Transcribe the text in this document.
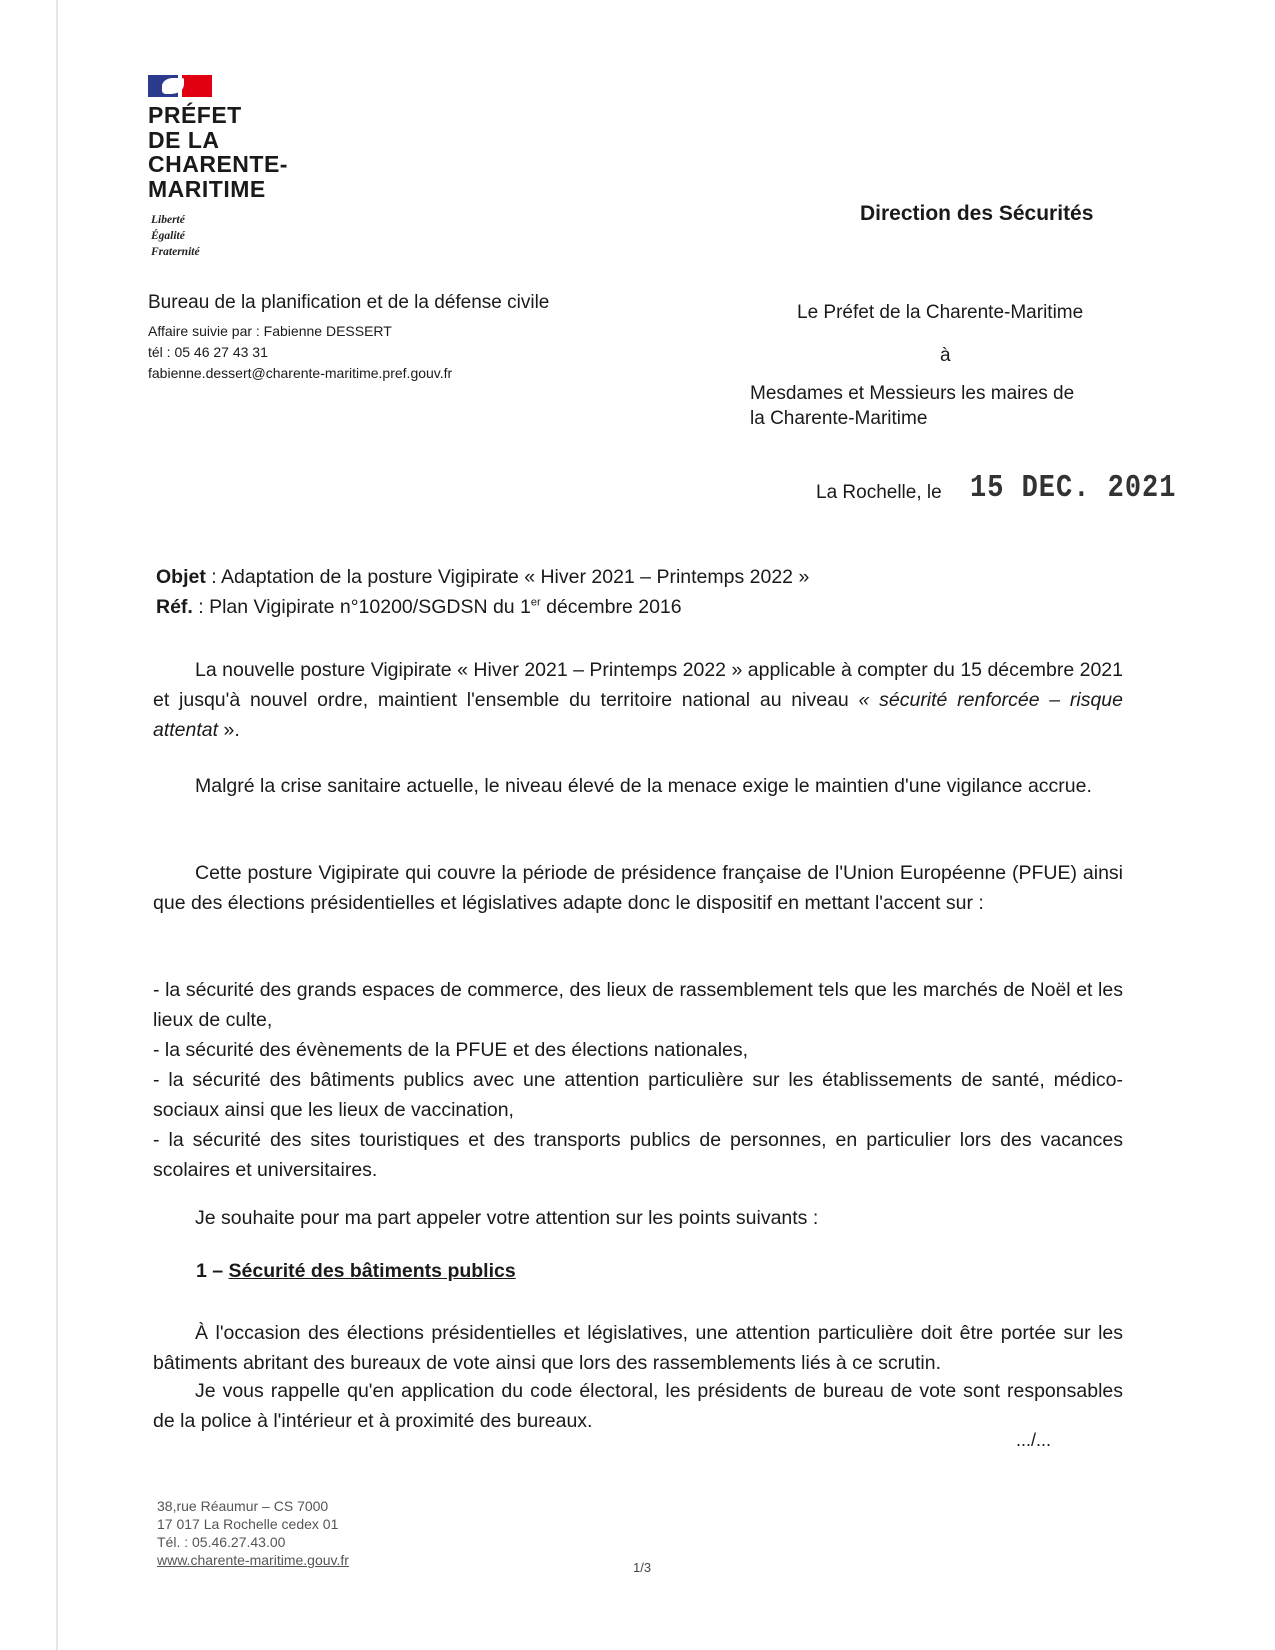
PRÉFET
DE LA
CHARENTE-
MARITIME
Liberté
Égalité
Fraternité
Direction des Sécurités
Bureau de la planification et de la défense civile
Affaire suivie par : Fabienne DESSERT
tél : 05 46 27 43 31
fabienne.dessert@charente-maritime.pref.gouv.fr
Le Préfet de la Charente-Maritime
à
Mesdames et Messieurs les maires de
la Charente-Maritime
La Rochelle, le 15 DEC. 2021
Objet : Adaptation de la posture Vigipirate « Hiver 2021 – Printemps 2022 »
Réf. : Plan Vigipirate n°10200/SGDSN du 1er décembre 2016
La nouvelle posture Vigipirate « Hiver 2021 – Printemps 2022 » applicable à compter du 15 décembre 2021 et jusqu'à nouvel ordre, maintient l'ensemble du territoire national au niveau « sécurité renforcée – risque attentat ».
Malgré la crise sanitaire actuelle, le niveau élevé de la menace exige le maintien d'une vigilance accrue.
Cette posture Vigipirate qui couvre la période de présidence française de l'Union Européenne (PFUE) ainsi que des élections présidentielles et législatives adapte donc le dispositif en mettant l'accent sur :
- la sécurité des grands espaces de commerce, des lieux de rassemblement tels que les marchés de Noël et les lieux de culte,
- la sécurité des évènements de la PFUE et des élections nationales,
- la sécurité des bâtiments publics avec une attention particulière sur les établissements de santé, médico-sociaux ainsi que les lieux de vaccination,
- la sécurité des sites touristiques et des transports publics de personnes, en particulier lors des vacances scolaires et universitaires.
Je souhaite pour ma part appeler votre attention sur les points suivants :
1 – Sécurité des bâtiments publics
À l'occasion des élections présidentielles et législatives, une attention particulière doit être portée sur les bâtiments abritant des bureaux de vote ainsi que lors des rassemblements liés à ce scrutin.
Je vous rappelle qu'en application du code électoral, les présidents de bureau de vote sont responsables de la police à l'intérieur et à proximité des bureaux.
.../...
38,rue Réaumur – CS 7000
17 017 La Rochelle cedex 01
Tél. : 05.46.27.43.00
www.charente-maritime.gouv.fr	1/3
